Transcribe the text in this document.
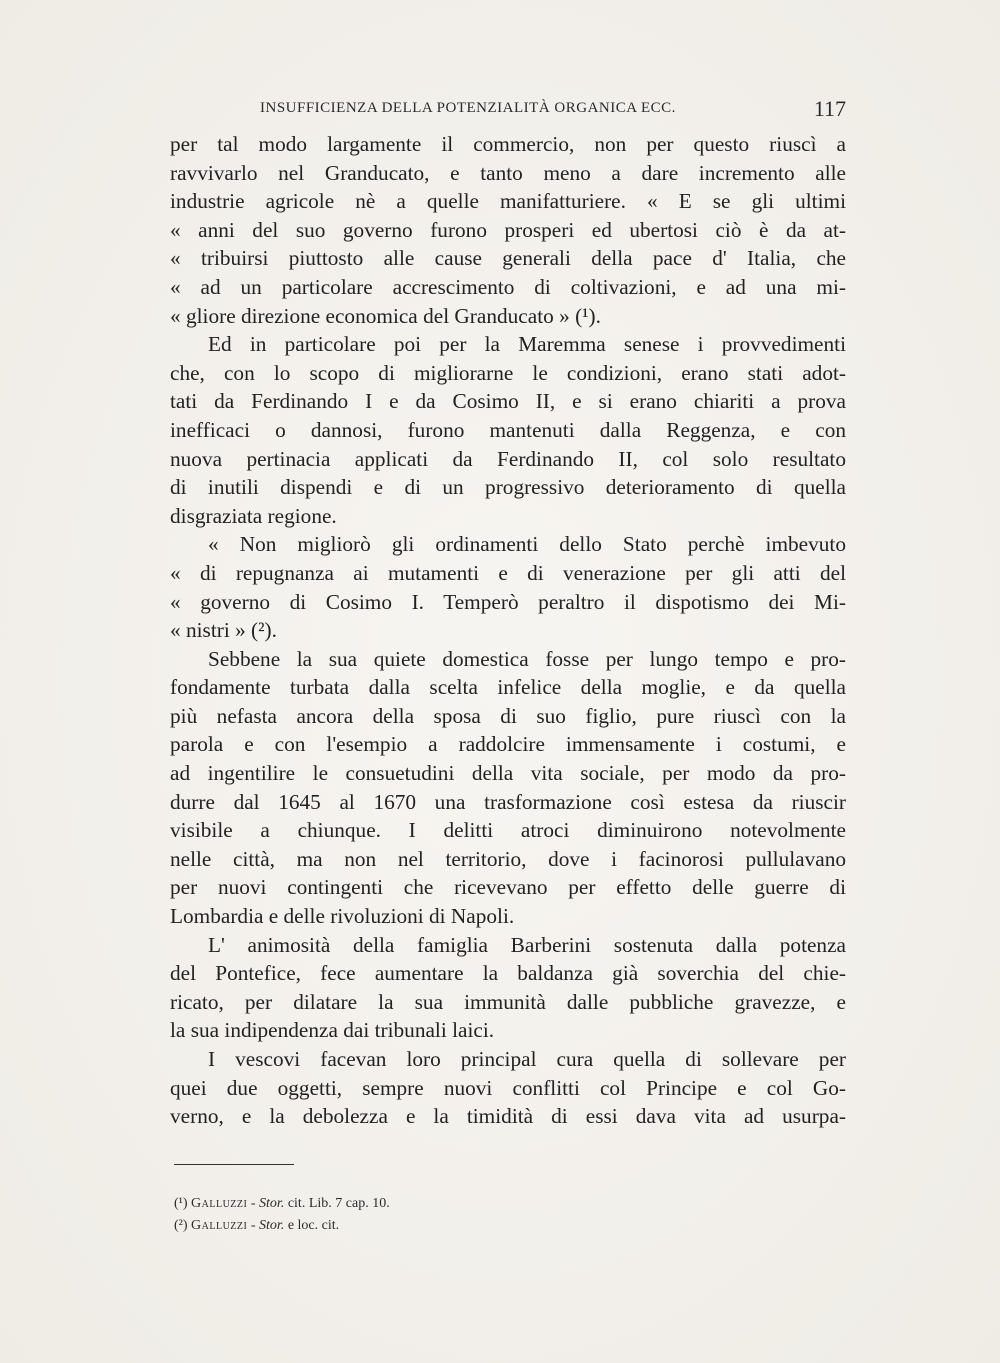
INSUFFICIENZA DELLA POTENZIALITÀ ORGANICA ECC.	117

per tal modo largamente il commercio, non per questo riuscì a
ravvivarlo nel Granducato, e tanto meno a dare incremento alle
industrie agricole nè a quelle manifatturiere. « E se gli ultimi
« anni del suo governo furono prosperi ed ubertosi ciò è da at-
« tribuirsi piuttosto alle cause generali della pace d' Italia, che
« ad un particolare accrescimento di coltivazioni, e ad una mi-
« gliore direzione economica del Granducato » (¹).

Ed in particolare poi per la Maremma senese i provvedimenti
che, con lo scopo di migliorarne le condizioni, erano stati adot-
tati da Ferdinando I e da Cosimo II, e si erano chiariti a prova
inefficaci o dannosi, furono mantenuti dalla Reggenza, e con
nuova pertinacia applicati da Ferdinando II, col solo resultato
di inutili dispendi e di un progressivo deterioramento di quella
disgraziata regione.

« Non migliorò gli ordinamenti dello Stato perchè imbevuto
« di repugnanza ai mutamenti e di venerazione per gli atti del
« governo di Cosimo I. Temperò peraltro il dispotismo dei Mi-
« nistri » (²).

Sebbene la sua quiete domestica fosse per lungo tempo e pro-
fondamente turbata dalla scelta infelice della moglie, e da quella
più nefasta ancora della sposa di suo figlio, pure riuscì con la
parola e con l'esempio a raddolcire immensamente i costumi, e
ad ingentilire le consuetudini della vita sociale, per modo da pro-
durre dal 1645 al 1670 una trasformazione così estesa da riuscir
visibile a chiunque. I delitti atroci diminuirono notevolmente
nelle città, ma non nel territorio, dove i facinorosi pullulavano
per nuovi contingenti che ricevevano per effetto delle guerre di
Lombardia e delle rivoluzioni di Napoli.

L' animosità della famiglia Barberini sostenuta dalla potenza
del Pontefice, fece aumentare la baldanza già soverchia del chie-
ricato, per dilatare la sua immunità dalle pubbliche gravezze, e
la sua indipendenza dai tribunali laici.

I vescovi facevan loro principal cura quella di sollevare per
quei due oggetti, sempre nuovi conflitti col Principe e col Go-
verno, e la debolezza e la timidità di essi dava vita ad usurpa-

(¹) Galluzzi - Stor. cit. Lib. 7 cap. 10.
(²) Galluzzi - Stor. e loc. cit.
